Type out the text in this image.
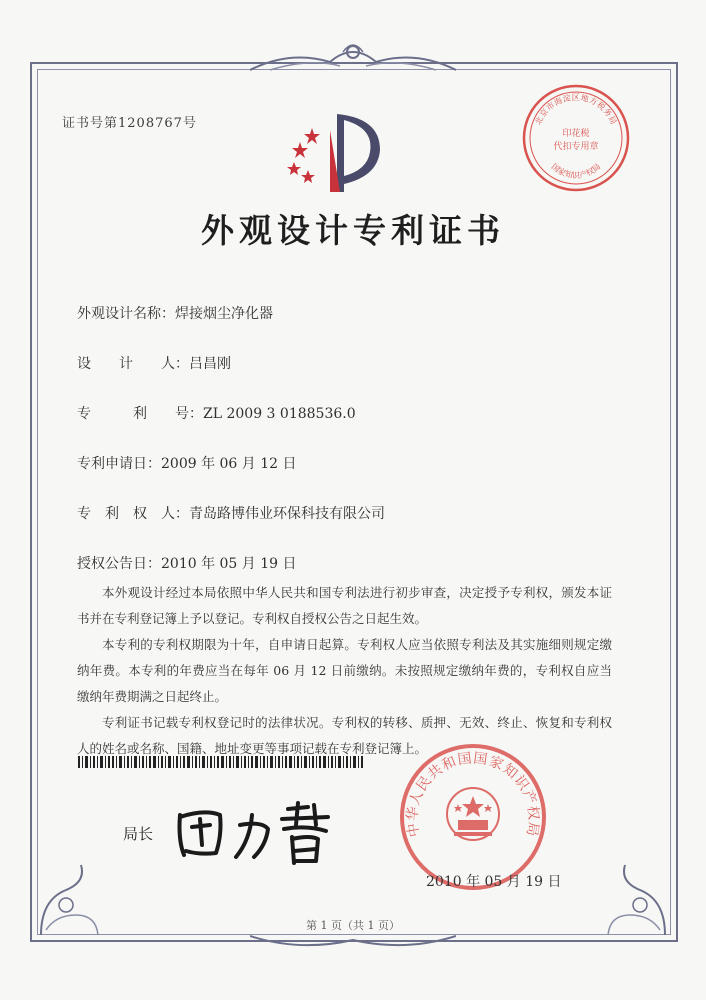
证书号第1208767号	北京市海淀区地方税务局
印花税
代扣专用章
国家知识产权局
外观设计专利证书
外观设计名称：焊接烟尘净化器
设　　计　　人：吕昌刚
专　　　利　　号：ZL 2009 3 0188536.0
专利申请日：2009 年 06 月 12 日
专　利　权　人：青岛路博伟业环保科技有限公司
授权公告日：2010 年 05 月 19 日

本外观设计经过本局依照中华人民共和国专利法进行初步审查，决定授予专利权，颁发本证书并在专利登记簿上予以登记。专利权自授权公告之日起生效。

本专利的专利权期限为十年，自申请日起算。专利权人应当依照专利法及其实施细则规定缴纳年费。本专利的年费应当在每年 06 月 12 日前缴纳。未按照规定缴纳年费的，专利权自应当缴纳年费期满之日起终止。

专利证书记载专利权登记时的法律状况。专利权的转移、质押、无效、终止、恢复和专利权人的姓名或名称、国籍、地址变更等事项记载在专利登记簿上。

局长	中华人民共和国国家知识产权局
2010 年 05 月 19 日
第 1 页（共 1 页）
